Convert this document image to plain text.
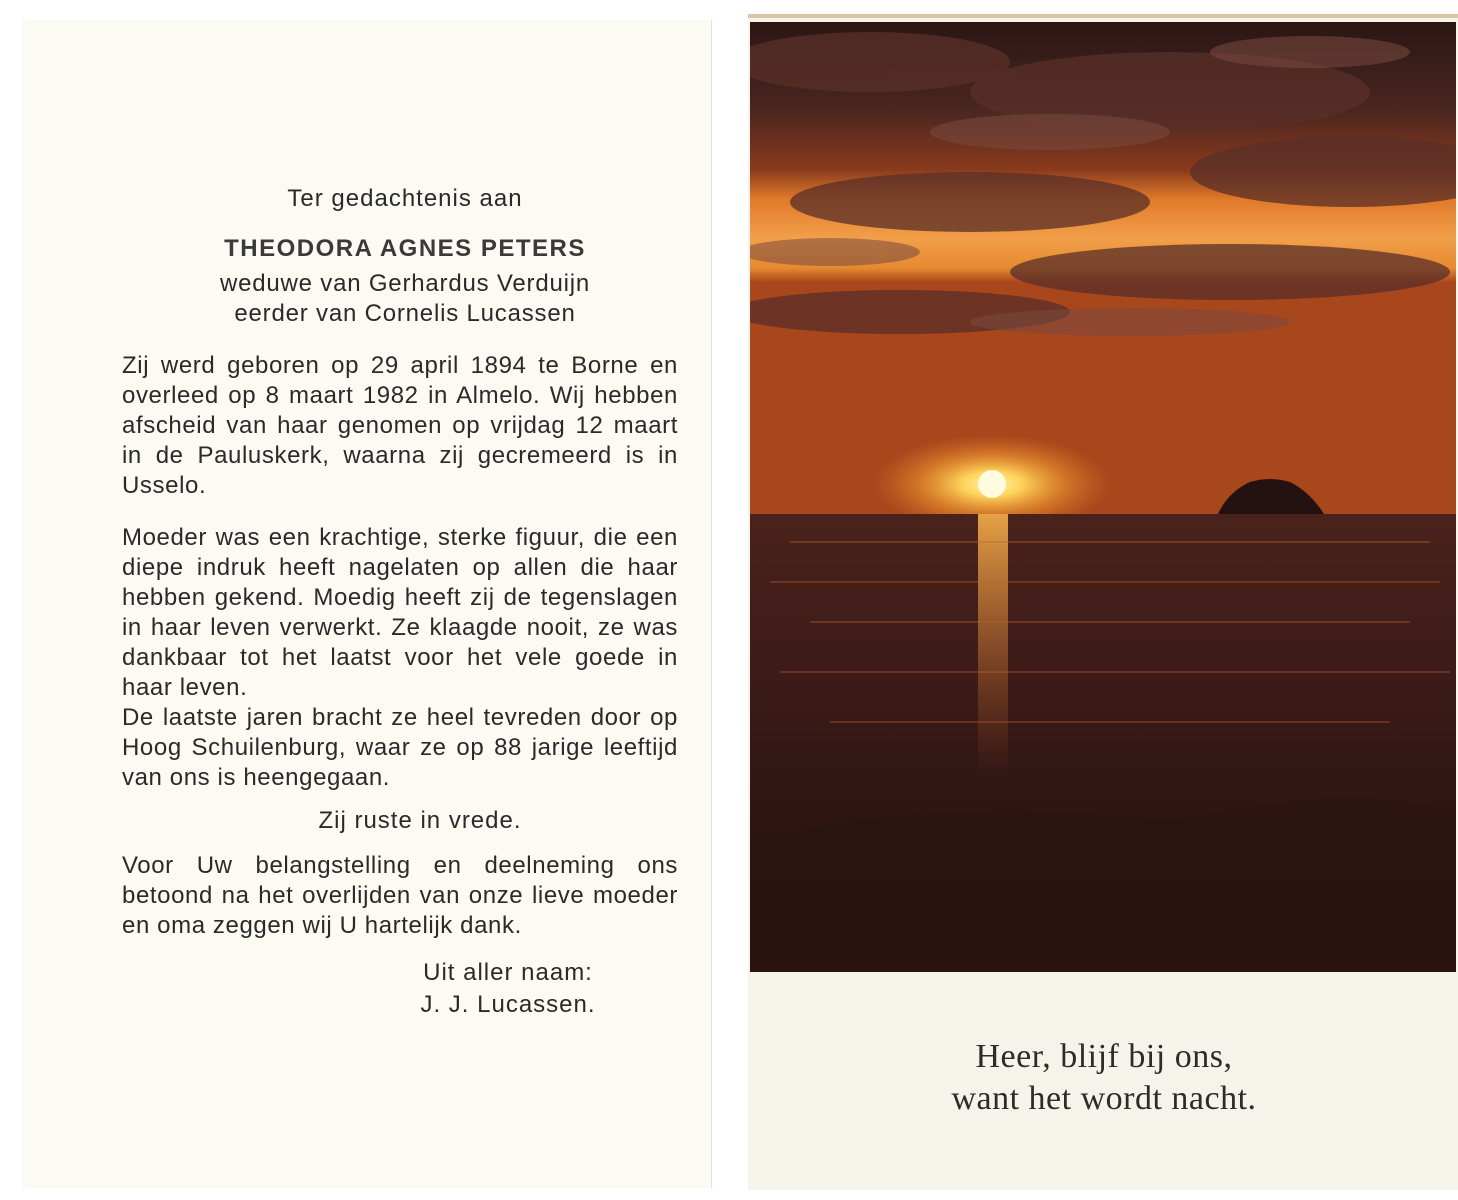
Ter gedachtenis aan

THEODORA AGNES PETERS

weduwe van Gerhardus Verduijn

eerder van Cornelis Lucassen

Zij werd geboren op 29 april 1894 te Borne en overleed op 8 maart 1982 in Almelo. Wij hebben afscheid van haar genomen op vrijdag 12 maart in de Pauluskerk, waarna zij gecremeerd is in Usselo.

Moeder was een krachtige, sterke figuur, die een diepe indruk heeft nagelaten op allen die haar hebben gekend. Moedig heeft zij de tegenslagen in haar leven verwerkt. Ze klaagde nooit, ze was dankbaar tot het laatst voor het vele goede in haar leven.

De laatste jaren bracht ze heel tevreden door op Hoog Schuilenburg, waar ze op 88 jarige leeftijd van ons is heengegaan.

Zij ruste in vrede.

Voor Uw belangstelling en deelneming ons betoond na het overlijden van onze lieve moeder en oma zeggen wij U hartelijk dank.

Uit aller naam:
J. J. Lucassen.
Heer, blijf bij ons,
want het wordt nacht.
